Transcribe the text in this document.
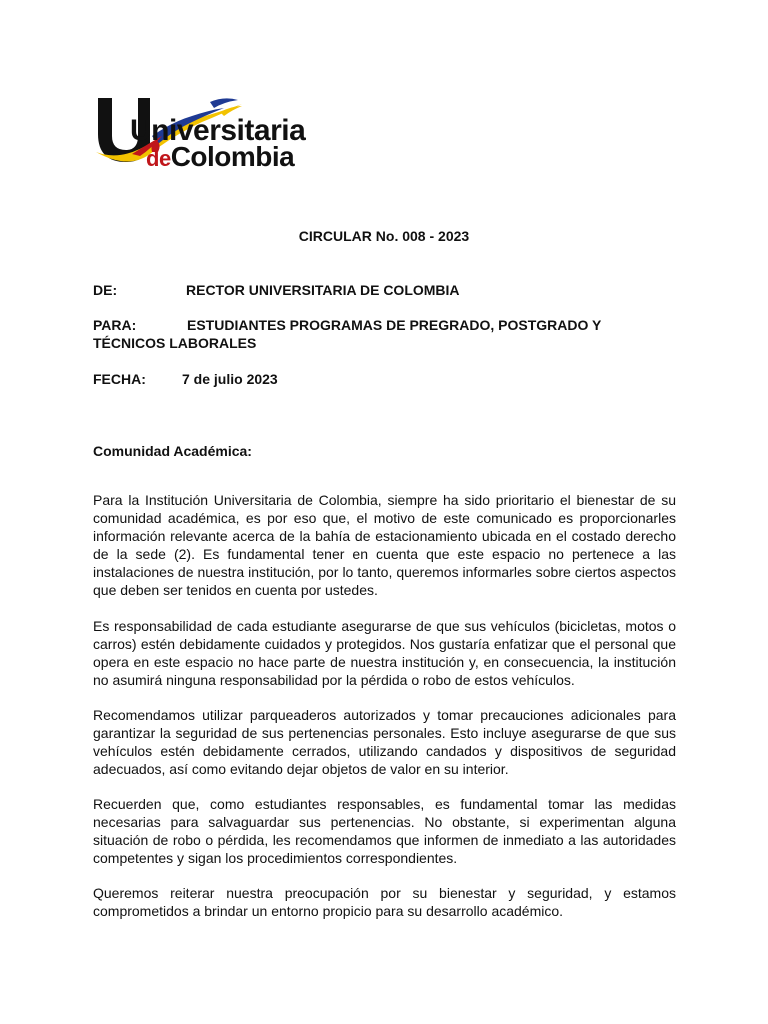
Universitaria
deColombia
CIRCULAR No. 008 - 2023
DE:	RECTOR UNIVERSITARIA DE COLOMBIA
PARA:	ESTUDIANTES PROGRAMAS DE PREGRADO, POSTGRADO Y
TÉCNICOS LABORALES
FECHA:	7 de julio 2023
Comunidad Académica:

Para la Institución Universitaria de Colombia, siempre ha sido prioritario el bienestar de su comunidad académica, es por eso que, el motivo de este comunicado es proporcionarles información relevante acerca de la bahía de estacionamiento ubicada en el costado derecho de la sede (2). Es fundamental tener en cuenta que este espacio no pertenece a las instalaciones de nuestra institución, por lo tanto, queremos informarles sobre ciertos aspectos que deben ser tenidos en cuenta por ustedes.

Es responsabilidad de cada estudiante asegurarse de que sus vehículos (bicicletas, motos o carros) estén debidamente cuidados y protegidos. Nos gustaría enfatizar que el personal que opera en este espacio no hace parte de nuestra institución y, en consecuencia, la institución no asumirá ninguna responsabilidad por la pérdida o robo de estos vehículos.

Recomendamos utilizar parqueaderos autorizados y tomar precauciones adicionales para garantizar la seguridad de sus pertenencias personales. Esto incluye asegurarse de que sus vehículos estén debidamente cerrados, utilizando candados y dispositivos de seguridad adecuados, así como evitando dejar objetos de valor en su interior.

Recuerden que, como estudiantes responsables, es fundamental tomar las medidas necesarias para salvaguardar sus pertenencias. No obstante, si experimentan alguna situación de robo o pérdida, les recomendamos que informen de inmediato a las autoridades competentes y sigan los procedimientos correspondientes.

Queremos reiterar nuestra preocupación por su bienestar y seguridad, y estamos comprometidos a brindar un entorno propicio para su desarrollo académico.
